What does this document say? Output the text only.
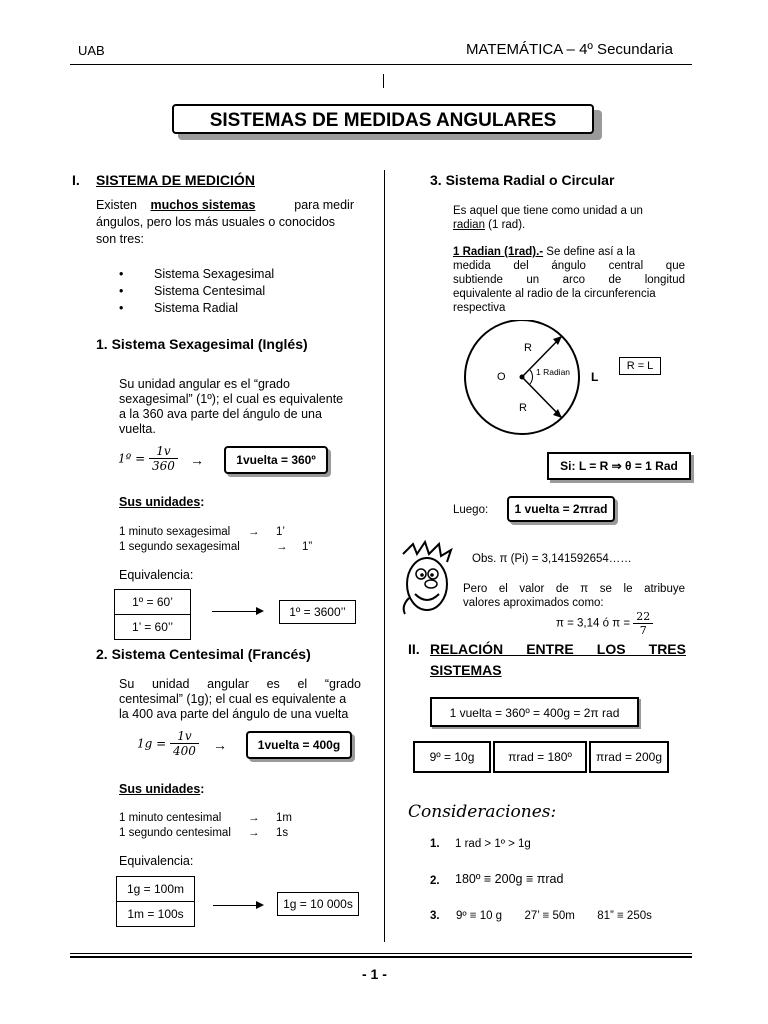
UAB	MATEMÁTICA – 4º Secundaria
SISTEMAS DE MEDIDAS ANGULARES
I. SISTEMA DE MEDICIÓN
Existen muchos sistemas	para medir
ángulos, pero los más usuales o conocidos
son tres:
• Sistema Sexagesimal
• Sistema Centesimal
• Sistema Radial
1. Sistema Sexagesimal (Inglés)
Su unidad angular es el “grado
sexagesimal” (1º); el cual es equivalente
a la 360 ava parte del ángulo de una
vuelta.
1º = $\frac{1v}{360}$ →	1vuelta = 360º
Sus unidades:
1 minuto sexagesimal → 1’
1 segundo sexagesimal	→ 1”
Equivalencia:
1º = 60’
1’ = 60’’
1º = 3600’’
2. Sistema Centesimal (Francés)
Su unidad angular es el “grado
centesimal” (1g); el cual es equivalente a
la 400 ava parte del ángulo de una vuelta
$1g = \frac{1v}{400}$ →	1vuelta = 400g
Sus unidades:
1 minuto centesimal → 1m
1 segundo centesimal → 1s
Equivalencia:
1g = 100m
1m = 100s
1g = 10 000s
3. Sistema Radial o Circular
Es aquel que tiene como unidad a un
radian (1 rad).
1 Radian (1rad).- Se define así a la
medida del ángulo central que
subtiende un arco de longitud
equivalente al radio de la circunferencia
respectiva
R
R
O	1 Radian L
R = L
Si: L = R ⇒ θ = 1 Rad
Luego:	1 vuelta = 2πrad
Obs. π (Pi) = 3,141592654……
Pero el valor de π se le atribuye
valores aproximados como:
π = 3,14 ó $\pi = \frac{22}{7}$
II. RELACIÓN ENTRE LOS TRES
SISTEMAS
1 vuelta = 360º = 400g = 2π rad
9º = 10g	πrad = 180º	πrad = 200g
Consideraciones:
1. 1 rad > 1º > 1g
2. 180º ≡ 200g ≡ πrad
3. 9º ≡ 10 g       27’ ≡ 50m       81” ≡ 250s
- 1 -
